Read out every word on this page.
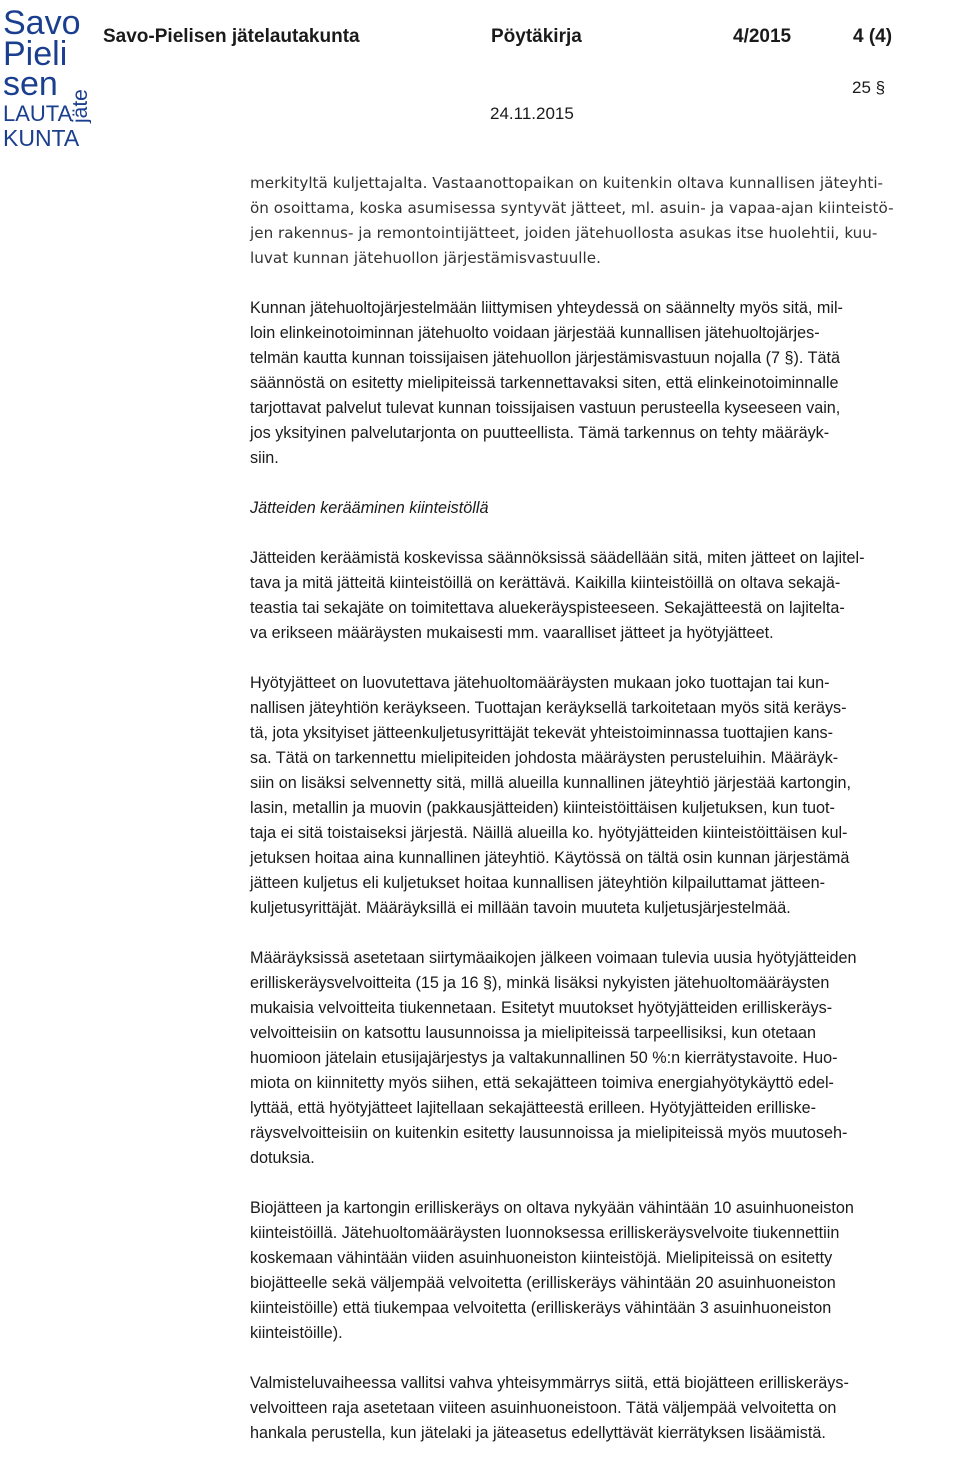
Savo
Pieli
sen
LAUTA
KUNTA
jäte
Savo-Pielisen jätelautakunta	Pöytäkirja	4/2015	4 (4)
25 §
24.11.2015

merkityltä kuljettajalta. Vastaanottopaikan on kuitenkin oltava kunnallisen jäteyhti-
ön osoittama, koska asumisessa syntyvät jätteet, ml. asuin- ja vapaa-ajan kiinteistö-
jen rakennus- ja remontointijätteet, joiden jätehuollosta asukas itse huolehtii, kuu-
luvat kunnan jätehuollon järjestämisvastuulle.

Kunnan jätehuoltojärjestelmään liittymisen yhteydessä on säännelty myös sitä, mil-
loin elinkeinotoiminnan jätehuolto voidaan järjestää kunnallisen jätehuoltojärjes-
telmän kautta kunnan toissijaisen jätehuollon järjestämisvastuun nojalla (7 §). Tätä
säännöstä on esitetty mielipiteissä tarkennettavaksi siten, että elinkeinotoiminnalle
tarjottavat palvelut tulevat kunnan toissijaisen vastuun perusteella kyseeseen vain,
jos yksityinen palvelutarjonta on puutteellista. Tämä tarkennus on tehty määräyk-
siin.

Jätteiden kerääminen kiinteistöllä

Jätteiden keräämistä koskevissa säännöksissä säädellään sitä, miten jätteet on lajitel-
tava ja mitä jätteitä kiinteistöillä on kerättävä. Kaikilla kiinteistöillä on oltava sekajä-
teastia tai sekajäte on toimitettava aluekeräyspisteeseen. Sekajätteestä on lajitelta-
va erikseen määräysten mukaisesti mm. vaaralliset jätteet ja hyötyjätteet.

Hyötyjätteet on luovutettava jätehuoltomääräysten mukaan joko tuottajan tai kun-
nallisen jäteyhtiön keräykseen. Tuottajan keräyksellä tarkoitetaan myös sitä keräys-
tä, jota yksityiset jätteenkuljetusyrittäjät tekevät yhteistoiminnassa tuottajien kans-
sa. Tätä on tarkennettu mielipiteiden johdosta määräysten perusteluihin. Määräyk-
siin on lisäksi selvennetty sitä, millä alueilla kunnallinen jäteyhtiö järjestää kartongin,
lasin, metallin ja muovin (pakkausjätteiden) kiinteistöittäisen kuljetuksen, kun tuot-
taja ei sitä toistaiseksi järjestä. Näillä alueilla ko. hyötyjätteiden kiinteistöittäisen kul-
jetuksen hoitaa aina kunnallinen jäteyhtiö. Käytössä on tältä osin kunnan järjestämä
jätteen kuljetus eli kuljetukset hoitaa kunnallisen jäteyhtiön kilpailuttamat jätteen-
kuljetusyrittäjät. Määräyksillä ei millään tavoin muuteta kuljetusjärjestelmää.

Määräyksissä asetetaan siirtymäaikojen jälkeen voimaan tulevia uusia hyötyjätteiden
erilliskeräysvelvoitteita (15 ja 16 §), minkä lisäksi nykyisten jätehuoltomääräysten
mukaisia velvoitteita tiukennetaan. Esitetyt muutokset hyötyjätteiden erilliskeräys-
velvoitteisiin on katsottu lausunnoissa ja mielipiteissä tarpeellisiksi, kun otetaan
huomioon jätelain etusijajärjestys ja valtakunnallinen 50 %:n kierrätystavoite. Huo-
miota on kiinnitetty myös siihen, että sekajätteen toimiva energiahyötykäyttö edel-
lyttää, että hyötyjätteet lajitellaan sekajätteestä erilleen. Hyötyjätteiden erilliske-
räysvelvoitteisiin on kuitenkin esitetty lausunnoissa ja mielipiteissä myös muutoseh-
dotuksia.

Biojätteen ja kartongin erilliskeräys on oltava nykyään vähintään 10 asuinhuoneiston
kiinteistöillä. Jätehuoltomääräysten luonnoksessa erilliskeräysvelvoite tiukennettiin
koskemaan vähintään viiden asuinhuoneiston kiinteistöjä. Mielipiteissä on esitetty
biojätteelle sekä väljempää velvoitetta (erilliskeräys vähintään 20 asuinhuoneiston
kiinteistöille) että tiukempaa velvoitetta (erilliskeräys vähintään 3 asuinhuoneiston
kiinteistöille).

Valmisteluvaiheessa vallitsi vahva yhteisymmärrys siitä, että biojätteen erilliskeräys-
velvoitteen raja asetetaan viiteen asuinhuoneistoon. Tätä väljempää velvoitetta on
hankala perustella, kun jätelaki ja jäteasetus edellyttävät kierrätyksen lisäämistä.
